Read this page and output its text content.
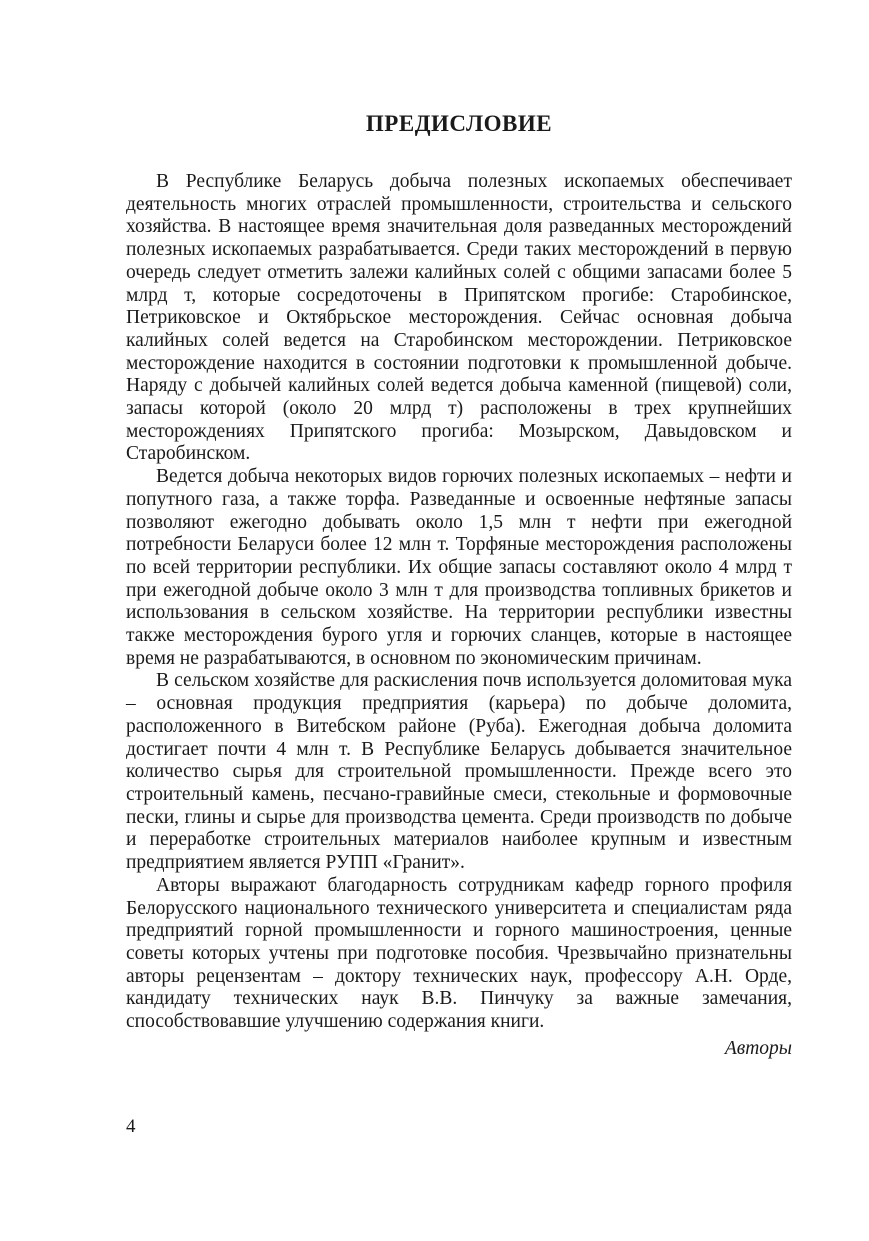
ПРЕДИСЛОВИЕ

В Республике Беларусь добыча полезных ископаемых обеспечивает деятельность многих отраслей промышленности, строительства и сельского хозяйства. В настоящее время значительная доля разведанных месторождений полезных ископаемых разрабатывается. Среди таких месторождений в первую очередь следует отметить залежи калийных солей с общими запасами более 5 млрд т, которые сосредоточены в Припятском прогибе: Старобинское, Петриковское и Октябрьское месторождения. Сейчас основная добыча калийных солей ведется на Старобинском месторождении. Петриковское месторождение находится в состоянии подготовки к промышленной добыче. Наряду с добычей калийных солей ведется добыча каменной (пищевой) соли, запасы которой (около 20 млрд т) расположены в трех крупнейших месторождениях Припятского прогиба: Мозырском, Давыдовском и Старобинском.

Ведется добыча некоторых видов горючих полезных ископаемых – нефти и попутного газа, а также торфа. Разведанные и освоенные нефтяные запасы позволяют ежегодно добывать около 1,5 млн т нефти при ежегодной потребности Беларуси более 12 млн т. Торфяные месторождения расположены по всей территории республики. Их общие запасы составляют около 4 млрд т при ежегодной добыче около 3 млн т для производства топливных брикетов и использования в сельском хозяйстве. На территории республики известны также месторождения бурого угля и горючих сланцев, которые в настоящее время не разрабатываются, в основном по экономическим причинам.

В сельском хозяйстве для раскисления почв используется доломитовая мука – основная продукция предприятия (карьера) по добыче доломита, расположенного в Витебском районе (Руба). Ежегодная добыча доломита достигает почти 4 млн т. В Республике Беларусь добывается значительное количество сырья для строительной промышленности. Прежде всего это строительный камень, песчано-гравийные смеси, стекольные и формовочные пески, глины и сырье для производства цемента. Среди производств по добыче и переработке строительных материалов наиболее крупным и известным предприятием является РУПП «Гранит».

Авторы выражают благодарность сотрудникам кафедр горного профиля Белорусского национального технического университета и специалистам ряда предприятий горной промышленности и горного машиностроения, ценные советы которых учтены при подготовке пособия. Чрезвычайно признательны авторы рецензентам – доктору технических наук, профессору А.Н. Орде, кандидату технических наук В.В. Пинчуку за важные замечания, способствовавшие улучшению содержания книги.

Авторы

4
